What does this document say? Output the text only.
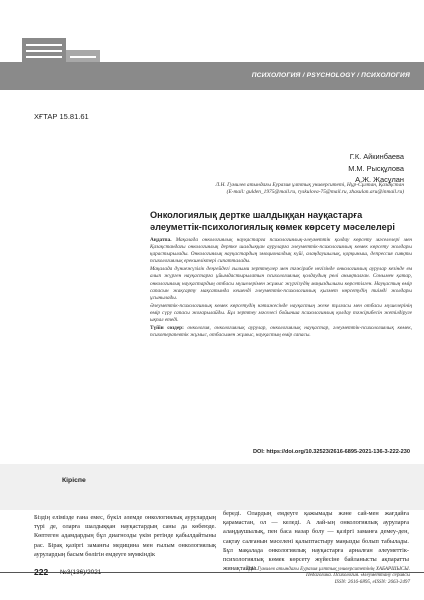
ПСИХОЛОГИЯ / PSYCHOLOGY / ПСИХОЛОГИЯ
ХҒТАР 15.81.61
Г.К. Айкинбаева
М.М. Рысқұлова
А.Ж. Жасұлан
Л.Н. Гумилев атындағы Еуразия ұлттық университеті, Нұр-Сұлтан, Қазақстан
(E-mail: gulden_1975@mail.ru, ryskulova-75@mail.ru, zhasulan.aru@inmail.ru)
Онкологиялық дертке шалдыққан науқастарға
әлеуметтік-психологиялық көмек көрсету мәселелері

Аңдатпа. Мақалада онкологиялық науқастарға психологиялық-әлеуметтік қолдау көрсету мәселелері мен Қазақстандағы онкологиялық дертке шалдыққан ауруларға әлеуметтік-психологиялық көмек көрсету жолдары қарастырылады. Онкологиялық науқастардың эмоционалдық күйі, алаңдаушылық, қорқыныш, депрессия сияқты психологиялық ерекшеліктері сипатталады.

Мақалада дүниежүзілік деңгейдегі ғылыми зерттеулер мен тәжірибе негізінде онкологиялық аурулар кезінде ем алып жүрген науқастарға ұйымдастырылатын психологиялық қолдаудың рөлі анықталған. Сонымен қатар, онкологиялық науқастардың отбасы мүшелерімен жұмыс жүргізудің маңыздылығы көрсетілген. Науқастың өмір сапасын жақсарту мақсатында кешенді әлеуметтік-психологиялық қызмет көрсетудің тиімді жолдары ұсынылады.

Әлеуметтік-психологиялық көмек көрсетудің нәтижесінде науқастың жеке тұлғасы мен отбасы мүшелерінің өмір сүру сапасы жоғарылайды. Бұл зерттеу мәселесі бойынша психологиялық қолдау тәжірибесін жетілдіруге ықпал етеді.

Түйін сөздер: онкология, онкологиялық аурулар, онкологиялық науқастар, әлеуметтік-психологиялық көмек, психотерапевтік жұмыс, отбасымен жұмыс, науқастың өмір сапасы.

DOI: https://doi.org/10.32523/2616-6895-2021-136-3-222-230
Кіріспе
Біздің елімізде ғана емес, бүкіл әлемде онкологиялық аурулардың түрі де, оларға шалдыққан науқастардың саны да көбеюде. Көптеген адамдардың бұл диагнозды үкім ретінде қабылдайтыны рас. Бірақ қазіргі заманғы медицина мен ғылым онкологиялық аурулардың басым бөлігін емдеуге мүмкіндік
береді. Олардың емдеуге қажымады және сай-мен жағдайға қарамастан, ол — келеді. А лай-ың онкологиялық ауруларға алаңдаушылық, пен баса назар болу — қазіргі заманға демеу-ден, сақтау салғанын мәселені қалыптастыру маңызды болып табылады. Бұл мақалада онкологиялық науқастарға арналған әлеуметтік-психологиялық көмек көрсету жүйесіне байланысты ақпаратты жинақтайды.
222 №3(136)/2021	Л.Н. Гумилев атындағы Еуразия ұлттық университетінің ХАБАРШЫСЫ.
Педагогика. Психология. Әлеуметтану сериясы
ISSN: 2616-6895, eISSN: 2663-2497
